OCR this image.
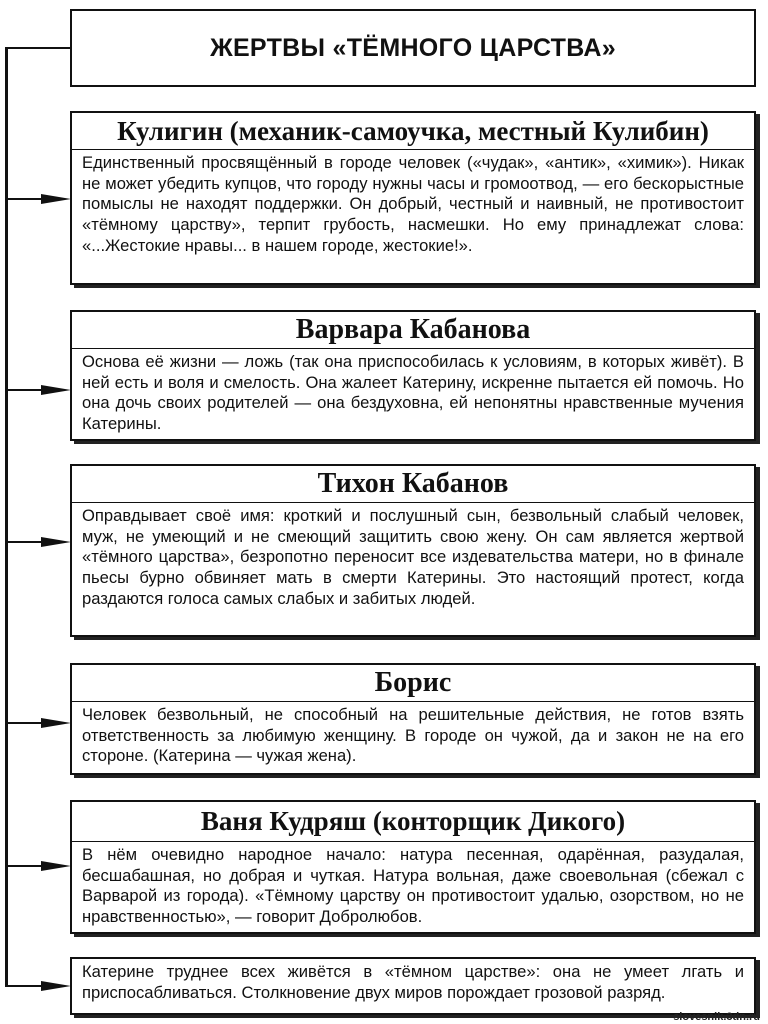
ЖЕРТВЫ «ТЁМНОГО ЦАРСТВА»
Кулигин (механик-самоучка, местный Кулибин)
Единственный просвящённый в городе человек («чудак», «антик», «химик»). Никак не может убедить купцов, что городу нужны часы и громоотвод, — его бескорыстные помыслы не находят поддержки. Он добрый, честный и наивный, не противостоит «тёмному царству», терпит грубость, насмешки. Но ему принадлежат слова: «...Жестокие нравы... в нашем городе, жестокие!».
Варвара Кабанова
Основа её жизни — ложь (так она приспособилась к условиям, в которых живёт). В ней есть и воля и смелость. Она жалеет Катерину, искренне пытается ей помочь. Но она дочь своих родителей — она бездуховна, ей непонятны нравственные мучения Катерины.
Тихон Кабанов
Оправдывает своё имя: кроткий и послушный сын, безвольный слабый человек, муж, не умеющий и не смеющий защитить свою жену. Он сам является жертвой «тёмного царства», безропотно переносит все издевательства матери, но в финале пьесы бурно обвиняет мать в смерти Катерины. Это настоящий протест, когда раздаются голоса самых слабых и забитых людей.
Борис
Человек безвольный, не способный на решительные действия, не готов взять ответственность за любимую женщину. В городе он чужой, да и закон не на его стороне. (Катерина — чужая жена).
Ваня Кудряш (конторщик Дикого)
В нём очевидно народное начало: натура песенная, одарённая, разудалая, бесшабашная, но добрая и чуткая. Натура вольная, даже своевольная (сбежал с Варварой из города). «Тёмному царству он противостоит удалью, озорством, но не нравственностью», — говорит Добролюбов.
Катерине труднее всех живётся в «тёмном царстве»: она не умеет лгать и приспосабливаться. Столкновение двух миров порождает грозовой разряд.
slovesnik.3dn.ru
